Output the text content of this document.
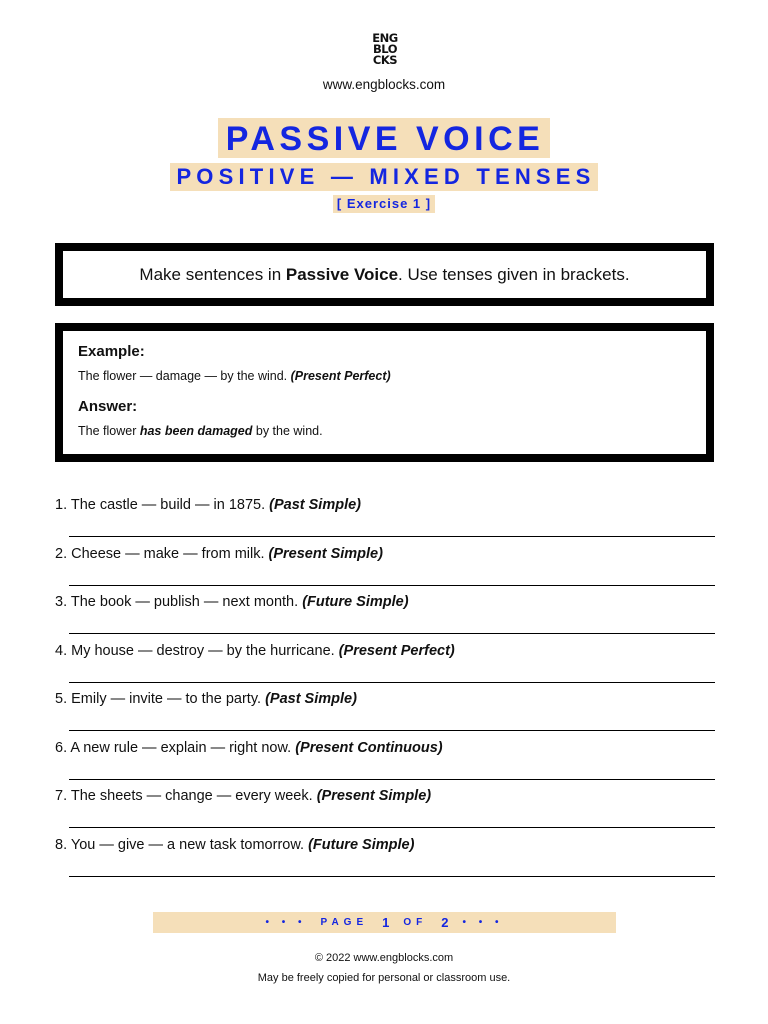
ENG
BLO
CKS
www.engblocks.com
PASSIVE VOICE
POSITIVE — MIXED TENSES
[ Exercise 1 ]
Make sentences in Passive Voice. Use tenses given in brackets.

Example:

The flower — damage — by the wind. (Present Perfect)

Answer:

The flower has been damaged by the wind.

1. The castle — build — in 1875. (Past Simple)
2. Cheese — make — from milk. (Present Simple)
3. The book — publish — next month. (Future Simple)
4. My house — destroy — by the hurricane. (Present Perfect)
5. Emily — invite — to the party. (Past Simple)
6. A new rule — explain — right now. (Present Continuous)
7. The sheets — change — every week. (Present Simple)
8. You — give — a new task tomorrow. (Future Simple)
• • • PAGE 1 OF 2 • • •
© 2022 www.engblocks.com
May be freely copied for personal or classroom use.
